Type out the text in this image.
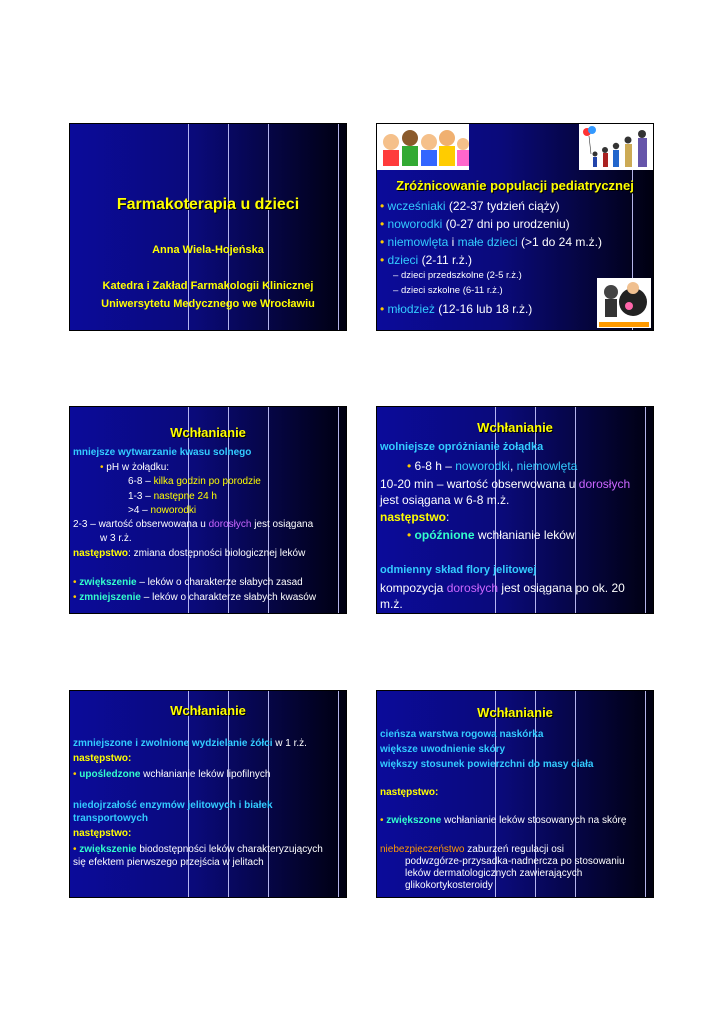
Farmakoterapia u dzieci
Anna Wiela-Hojeńska
Katedra i Zakład Farmakologii Klinicznej
Uniwersytetu Medycznego we Wrocławiu
Zróżnicowanie populacji pediatrycznej
• wcześniaki (22-37 tydzień ciąży)
• noworodki (0-27 dni po urodzeniu)
• niemowlęta i małe dzieci (>1 do 24 m.ż.)
• dzieci (2-11 r.ż.)
– dzieci przedszkolne (2-5 r.ż.)
– dzieci szkolne (6-11 r.ż.)
• młodzież (12-16 lub 18 r.ż.)
Wchłanianie
mniejsze wytwarzanie kwasu solnego
• pH w żołądku:
6-8 – kilka godzin po porodzie
1-3 – następne 24 h
>4 – noworodki
2-3 – wartość obserwowana u dorosłych jest osiągana
w 3 r.ż.
następstwo: zmiana dostępności biologicznej leków
• zwiększenie – leków o charakterze słabych zasad
• zmniejszenie – leków o charakterze słabych kwasów
Wchłanianie
wolniejsze opróżnianie żołądka
• 6-8 h – noworodki, niemowlęta
10-20 min – wartość obserwowana u dorosłych
jest osiągana w 6-8 m.ż.
następstwo:
• opóźnione wchłanianie leków
odmienny skład flory jelitowej
kompozycja dorosłych jest osiągana po ok. 20
m.ż.
Wchłanianie
zmniejszone i zwolnione wydzielanie żółci w 1 r.ż.
następstwo:
• upośledzone wchłanianie leków lipofilnych
niedojrzałość enzymów jelitowych i białek
transportowych
następstwo:
• zwiększenie biodostępności leków charakteryzujących
się efektem pierwszego przejścia w jelitach
Wchłanianie
cieńsza warstwa rogowa naskórka
większe uwodnienie skóry
większy stosunek powierzchni do masy ciała
następstwo:
• zwiększone wchłanianie leków stosowanych na skórę
niebezpieczeństwo zaburzeń regulacji osi
podwzgórze-przysadka-nadnercza po stosowaniu
leków dermatologicznych zawierających
glikokortykosteroidy
